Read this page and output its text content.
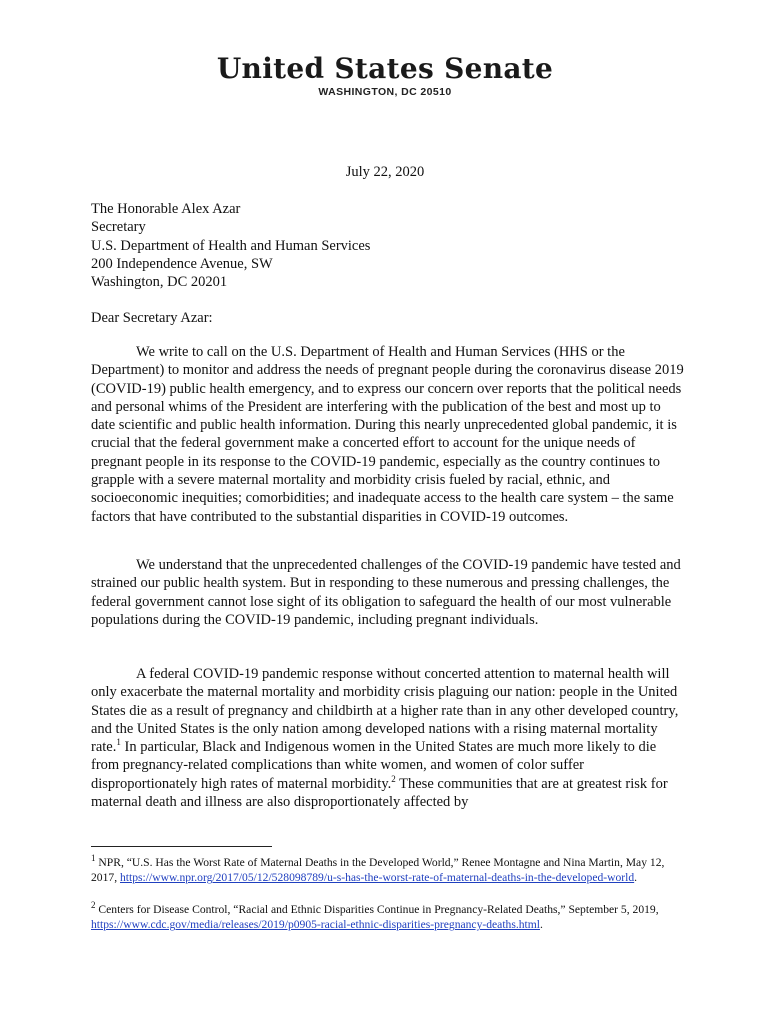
United States Senate
WASHINGTON, DC 20510
July 22, 2020
The Honorable Alex Azar
Secretary
U.S. Department of Health and Human Services
200 Independence Avenue, SW
Washington, DC 20201
Dear Secretary Azar:

We write to call on the U.S. Department of Health and Human Services (HHS or the Department) to monitor and address the needs of pregnant people during the coronavirus disease 2019 (COVID-19) public health emergency, and to express our concern over reports that the political needs and personal whims of the President are interfering with the publication of the best and most up to date scientific and public health information. During this nearly unprecedented global pandemic, it is crucial that the federal government make a concerted effort to account for the unique needs of pregnant people in its response to the COVID-19 pandemic, especially as the country continues to grapple with a severe maternal mortality and morbidity crisis fueled by racial, ethnic, and socioeconomic inequities; comorbidities; and inadequate access to the health care system – the same factors that have contributed to the substantial disparities in COVID-19 outcomes.

We understand that the unprecedented challenges of the COVID-19 pandemic have tested and strained our public health system. But in responding to these numerous and pressing challenges, the federal government cannot lose sight of its obligation to safeguard the health of our most vulnerable populations during the COVID-19 pandemic, including pregnant individuals.

A federal COVID-19 pandemic response without concerted attention to maternal health will only exacerbate the maternal mortality and morbidity crisis plaguing our nation: people in the United States die as a result of pregnancy and childbirth at a higher rate than in any other developed country, and the United States is the only nation among developed nations with a rising maternal mortality rate.$^1$ In particular, Black and Indigenous women in the United States are much more likely to die from pregnancy-related complications than white women, and women of color suffer disproportionately high rates of maternal morbidity.$^2$ These communities that are at greatest risk for maternal death and illness are also disproportionately affected by

$^1$ NPR, “U.S. Has the Worst Rate of Maternal Deaths in the Developed World,” Renee Montagne and Nina Martin, May 12, 2017, https://www.npr.org/2017/05/12/528098789/u-s-has-the-worst-rate-of-maternal-deaths-in-the-developed-world.

$^2$ Centers for Disease Control, “Racial and Ethnic Disparities Continue in Pregnancy-Related Deaths,” September 5, 2019, https://www.cdc.gov/media/releases/2019/p0905-racial-ethnic-disparities-pregnancy-deaths.html.
